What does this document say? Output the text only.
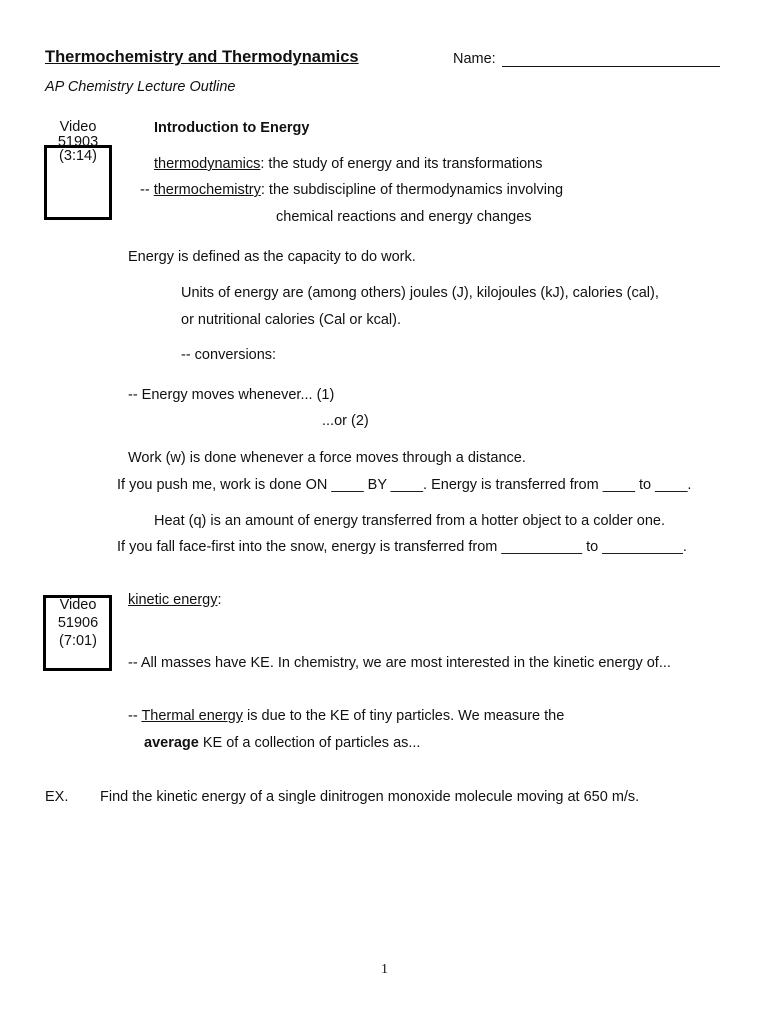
Thermochemistry and Thermodynamics	Name:
AP Chemistry Lecture Outline
Video
51903
(3:14)
Introduction to Energy
thermodynamics: the study of energy and its transformations
-- thermochemistry: the subdiscipline of thermodynamics involving
chemical reactions and energy changes
Energy is defined as the capacity to do work.
Units of energy are (among others) joules (J), kilojoules (kJ), calories (cal),
or nutritional calories (Cal or kcal).
-- conversions:
-- Energy moves whenever... (1)
...or (2)
Work (w) is done whenever a force moves through a distance.
If you push me, work is done ON ____ BY ____. Energy is transferred from ____ to ____.
Heat (q) is an amount of energy transferred from a hotter object to a colder one.
If you fall face-first into the snow, energy is transferred from __________ to __________.
Video
51906
(7:01)
kinetic energy:
-- All masses have KE. In chemistry, we are most interested in the kinetic energy of...
-- Thermal energy is due to the KE of tiny particles. We measure the
average KE of a collection of particles as...
EX. Find the kinetic energy of a single dinitrogen monoxide molecule moving at 650 m/s.
1
